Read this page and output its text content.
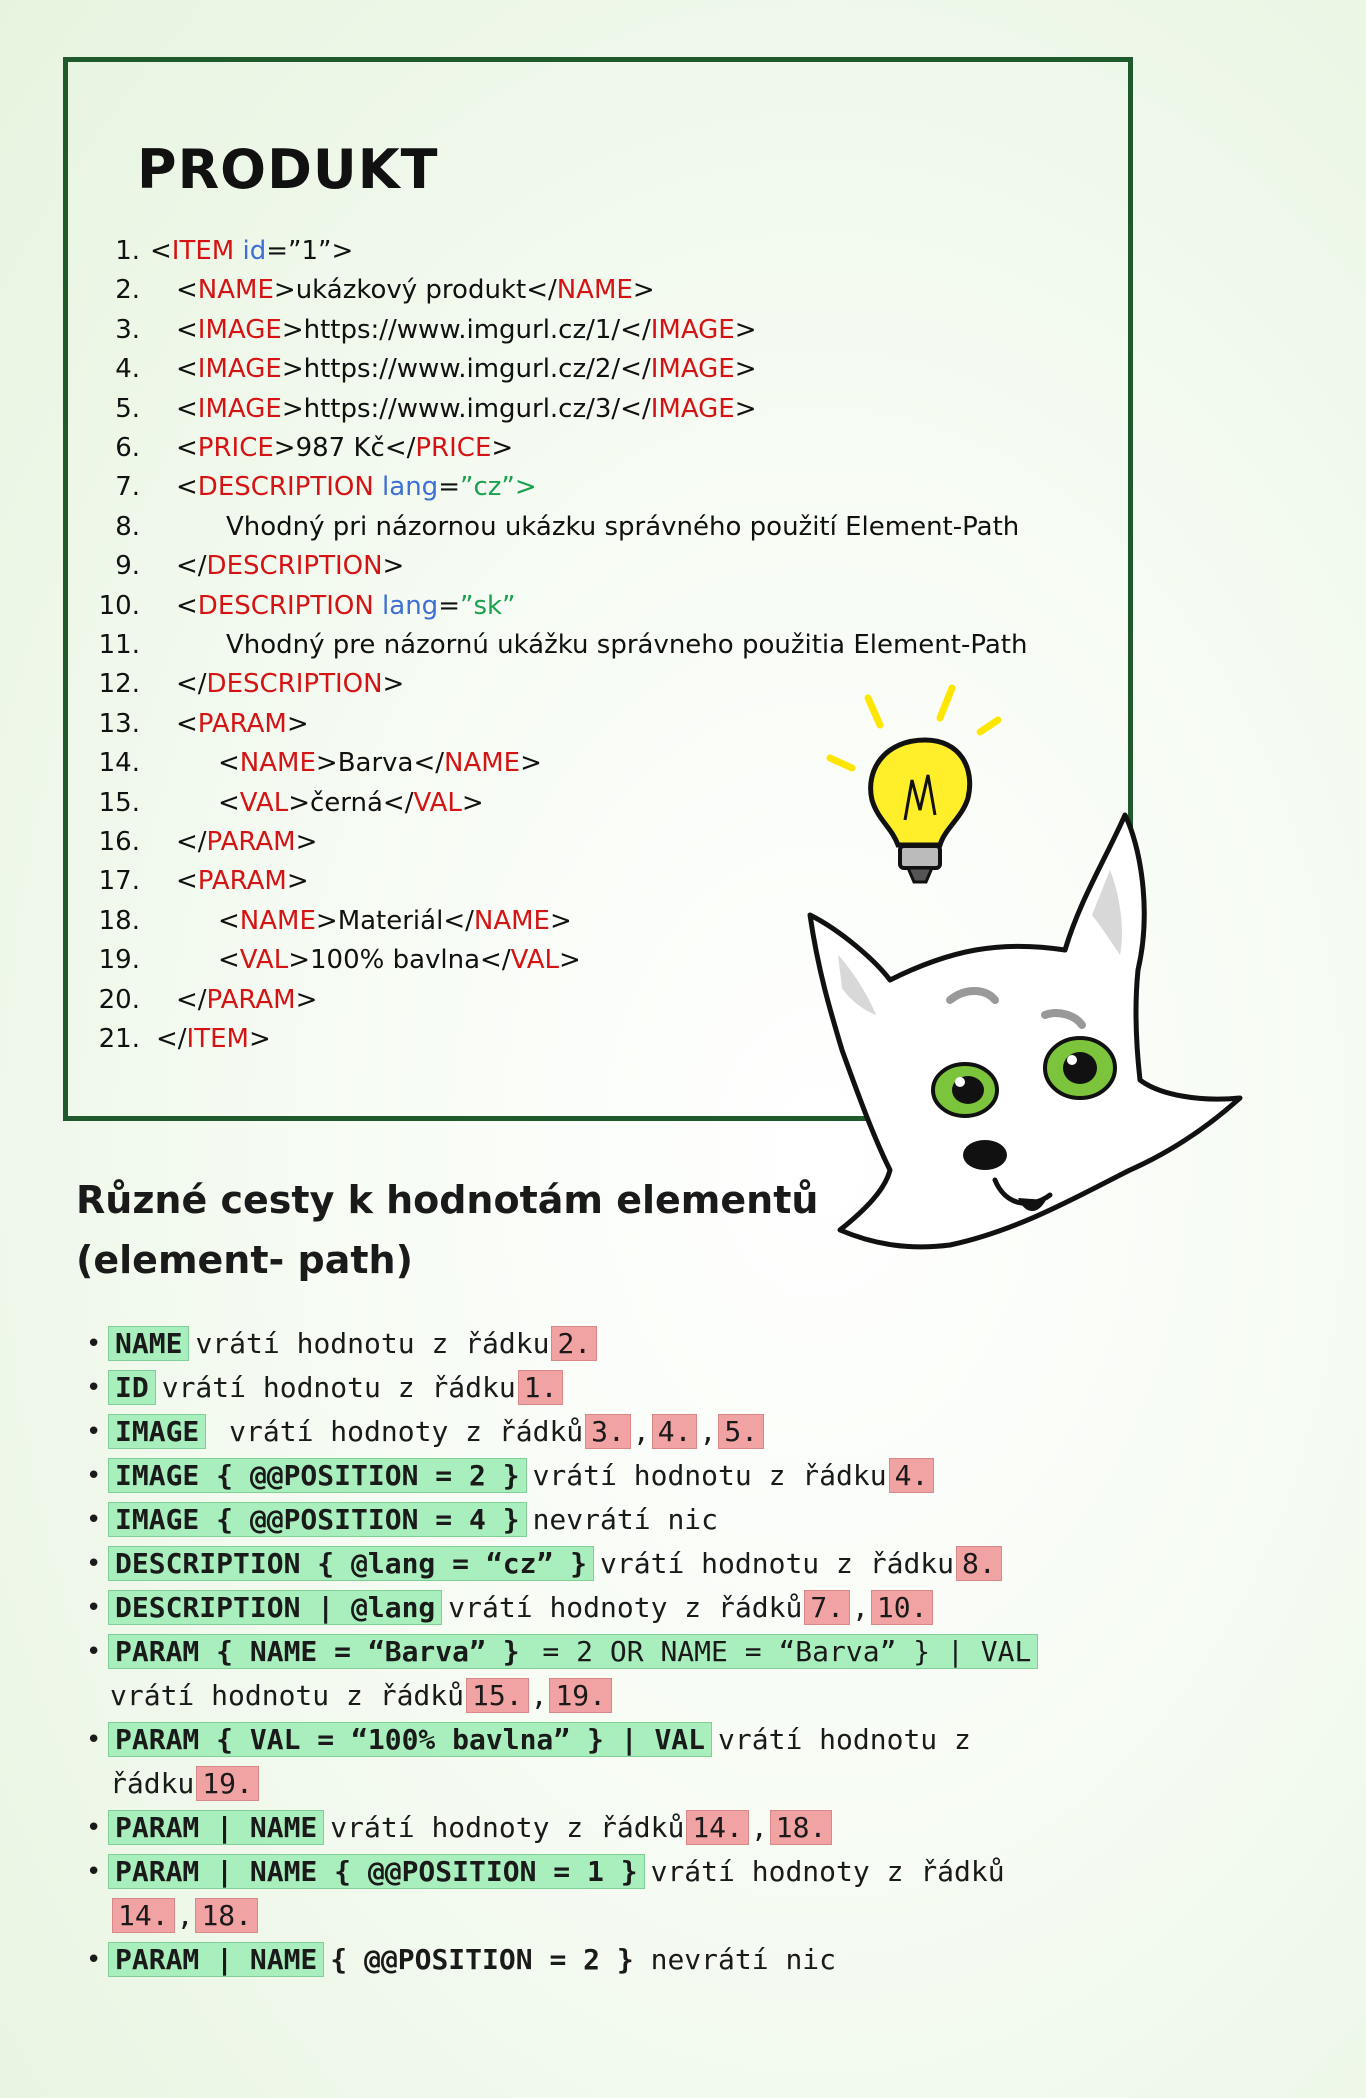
PRODUKT
1. <ITEM id=”1”>
2. <NAME>ukázkový produkt</NAME>
3. <IMAGE>https://www.imgurl.cz/1/</IMAGE>
4. <IMAGE>https://www.imgurl.cz/2/</IMAGE>
5. <IMAGE>https://www.imgurl.cz/3/</IMAGE>
6. <PRICE>987 Kč</PRICE>
7. <DESCRIPTION lang=”cz”>
8.	Vhodný pri názornou ukázku správného použití Element-Path
9. </DESCRIPTION>
10. <DESCRIPTION lang=”sk”
11.	Vhodný pre názornú ukážku správneho použitia Element-Path
12. </DESCRIPTION>
13. <PARAM>
14.	<NAME>Barva</NAME>
15.	<VAL>černá</VAL>
16. </PARAM>
17. <PARAM>
18.	<NAME>Materiál</NAME>
19.	<VAL>100% bavlna</VAL>
20. </PARAM>
21. </ITEM>
Různé cesty k hodnotám elementů
(element- path)
• NAME vrátí hodnotu z řádku 2.
• ID vrátí hodnotu z řádku 1.
• IMAGE vrátí hodnoty z řádků 3. , 4. , 5.
• IMAGE { @@POSITION = 2 } vrátí hodnotu z řádku 4.
• IMAGE { @@POSITION = 4 } nevrátí nic
• DESCRIPTION { @lang = “cz” } vrátí hodnotu z řádku 8.
• DESCRIPTION | @lang vrátí hodnoty z řádků 7. , 10.
• PARAM { NAME = “Barva” } = 2 OR NAME = “Barva” } | VAL
vrátí hodnotu z řádků 15. , 19.
• PARAM { VAL = “100% bavlna” } | VAL vrátí hodnotu z
řádku 19.
• PARAM | NAME vrátí hodnoty z řádků 14. , 18.
• PARAM | NAME { @@POSITION = 1 } vrátí hodnoty z řádků
14. , 18.
• PARAM | NAME { @@POSITION = 2 } nevrátí nic
